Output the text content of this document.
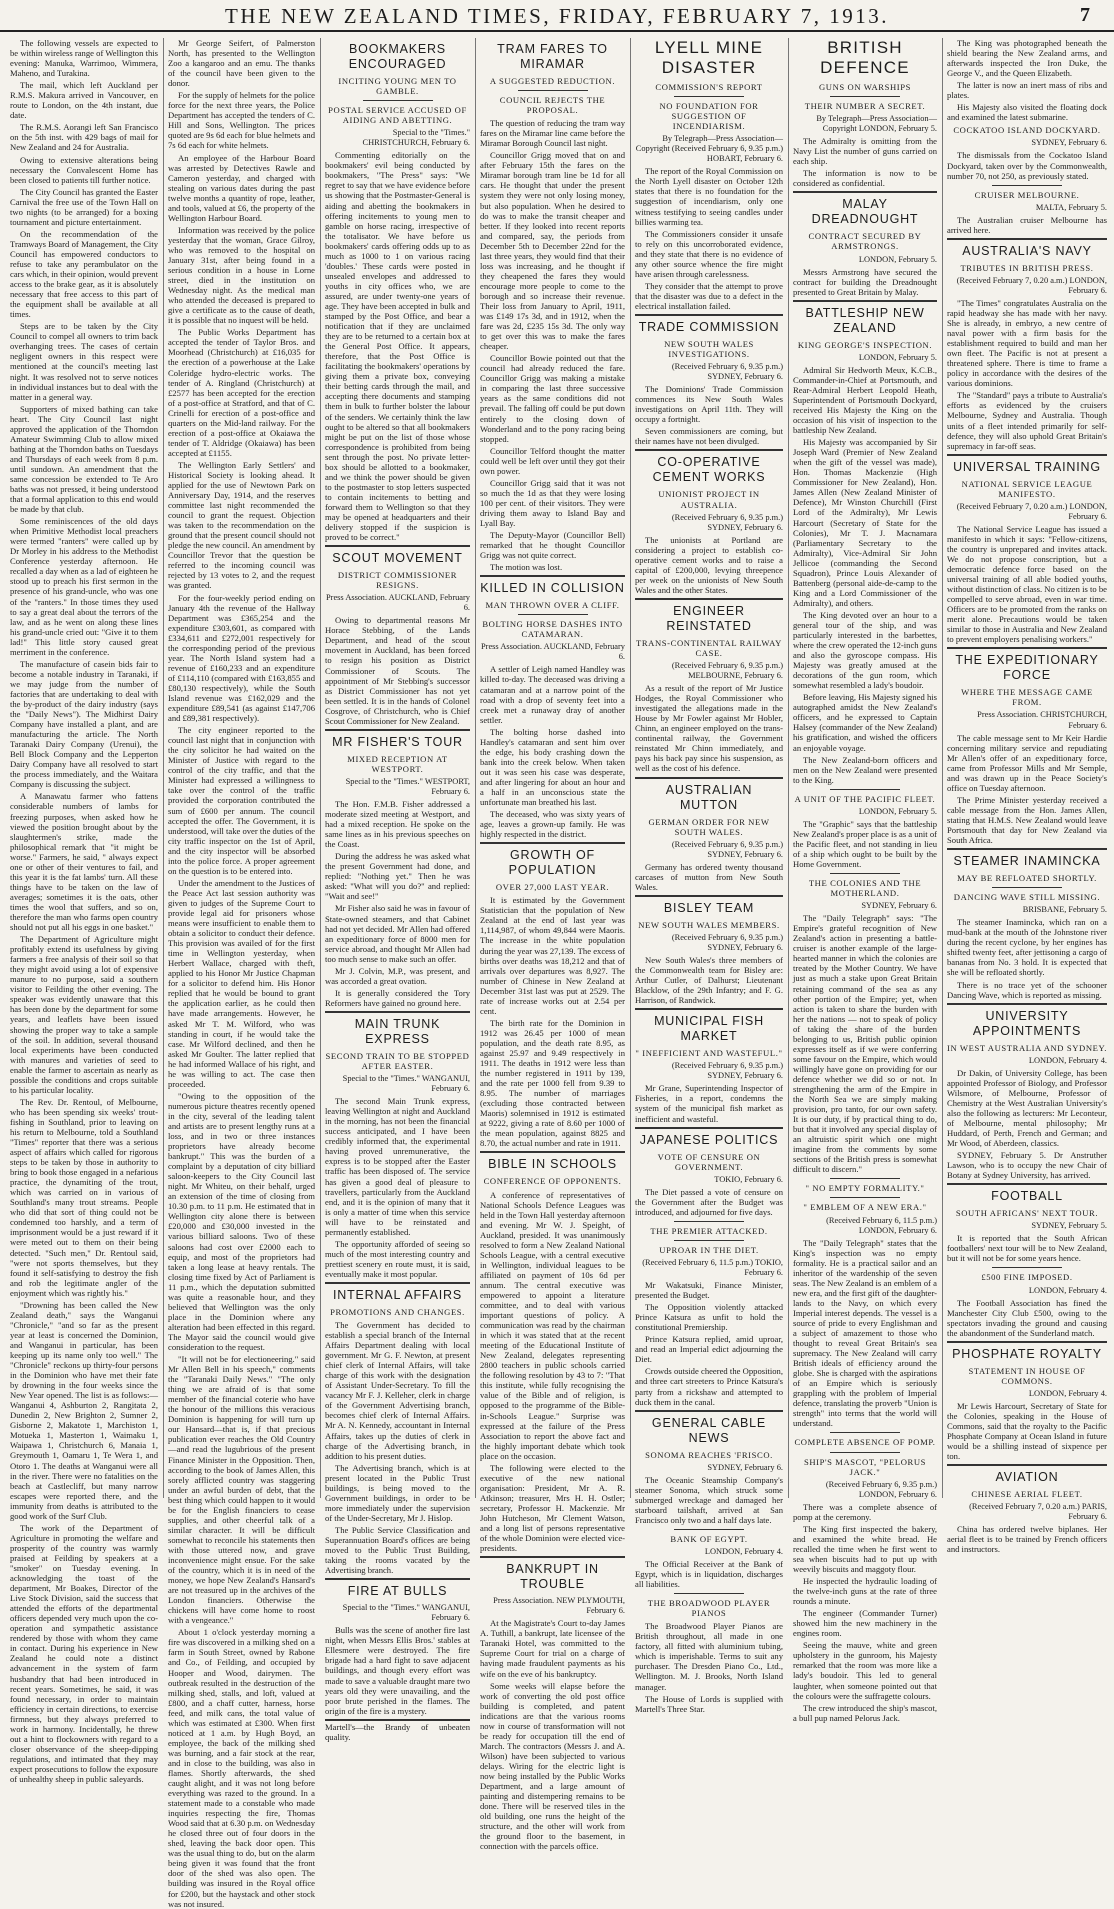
THE NEW ZEALAND TIMES, FRIDAY, FEBRUARY 7, 1913.	7

The following vessels are expected to be within wireless range of Wellington this evening: Manuka, Warrimoo, Wimmera, Maheno, and Turakina.

The mail, which left Auckland per R.M.S. Makura arrived in Vancouver, en route to London, on the 4th instant, due date.

The R.M.S. Aorangi left San Francisco on the 5th inst. with 429 bags of mail for New Zealand and 24 for Australia.

Owing to extensive alterations being necessary the Convalescent Home has been closed to patients till further notice.

The City Council has granted the Easter Carnival the free use of the Town Hall on two nights (to be arranged) for a boxing tournament and picture entertainment.

On the recommendation of the Tramways Board of Management, the City Council has empowered conductors to refuse to take any perambulator on the cars which, in their opinion, would prevent access to the brake gear, as it is absolutely necessary that free access to this part of the equipment shall be available at all times.

Steps are to be taken by the City Council to compel all owners to trim back overhanging trees. The cases of certain negligent owners in this respect were mentioned at the council's meeting last night. It was resolved not to serve notices in individual instances but to deal with the matter in a general way.

Supporters of mixed bathing can take heart. The City Council last night approved the application of the Thorndon Amateur Swimming Club to allow mixed bathing at the Thorndon baths on Tuesdays and Thursdays of each week from 8 p.m. until sundown. An amendment that the same concession be extended to Te Aro baths was not pressed, it being understood that a formal application to this end would be made by that club.

Some reminiscences of the old days when Primitive Methodist local preachers were termed "ranters" were called up by Dr Morley in his address to the Methodist Conference yesterday afternoon. He recalled a day when as a lad of eighteen he stood up to preach his first sermon in the presence of his grand-uncle, who was one of the "ranters." In those times they used to say a great deal about the terrors of the law, and as he went on along these lines his grand-uncle cried out: "Give it to them lad!" This little story caused great merriment in the conference.

The manufacture of casein bids fair to become a notable industry in Taranaki, if we may judge from the number of factories that are undertaking to deal with the by-product of the dairy industry (says the "Daily News"). The Midhirst Dairy Company have installed a plant, and are manufacturing the article. The North Taranaki Dairy Company (Urenui), the Bell Block Company and the Lepperton Dairy Company have all resolved to start the process immediately, and the Waitara Company is discussing the subject.

A Manawatu farmer who fattens considerable numbers of lambs for freezing purposes, when asked how he viewed the position brought about by the slaughtermen's strike, made the philosophical remark that "it might be worse." Farmers, he said, " always expect one or other of their ventures to fail, and this year it is the fat lambs' turn. All these things have to be taken on the law of averages; sometimes it is the oats, other times the wool that suffers, and so on, therefore the man who farms open country should not put all his eggs in one basket."

The Department of Agriculture might profitably extend its usefulness by giving farmers a free analysis of their soil so that they might avoid using a lot of expensive manure to no purpose, said a southern visitor to Feilding the other evening. The speaker was evidently unaware that this has been done by the department for some years, and leaflets have been issued showing the proper way to take a sample of the soil. In addition, several thousand local experiments have been conducted with manures and varieties of seed to enable the farmer to ascertain as nearly as possible the conditions and crops suitable to his particular locality.

The Rev. Dr. Rentoul, of Melbourne, who has been spending six weeks' trout-fishing in Southland, prior to leaving on his return to Melbourne, told a Southland "Times" reporter that there was a serious aspect of affairs which called for rigorous steps to be taken by those in authority to bring to book those engaged in a nefarious practice, the dynamiting of the trout, which was carried on in various of Southland's many trout streams. People who did that sort of thing could not be condemned too harshly, and a term of imprisonment would be a just reward if it were meted out to them on their being detected. "Such men," Dr. Rentoul said, "were not sports themselves, but they found it self-satisfying to destroy the fish and rob the legitimate angler of the enjoyment which was rightly his."

"Drowning has been called the New Zealand death," says the Wanganui "Chronicle," "and so far as the present year at least is concerned the Dominion, and Wanganui in particular, has been keeping up its name only too well." The "Chronicle" reckons up thirty-four persons in the Dominion who have met their fate by drowning in the four weeks since the New Year opened. The list is as follows:—Wanganui 4, Ashburton 2, Rangitata 2, Dunedin 2, New Brighton 2, Sumner 2, Gisborne 2, Makatote 1, Marchiston 1, Motueka 1, Masterton 1, Waimaku 1, Waipawa 1, Christchurch 6, Manaia 1, Greymouth 1, Oamaru 1, Te Wera 1, and Otoro 1. The deaths at Wanganui were all in the river. There were no fatalities on the beach at Castlecliff, but many narrow escapes were reported there, and the immunity from deaths is attributed to the good work of the Surf Club.

The work of the Department of Agriculture in promoting the welfare and prosperity of the country was warmly praised at Feilding by speakers at a "smoker" on Tuesday evening. In acknowledging the toast of the department, Mr Boakes, Director of the Live Stock Division, said the success that attended the efforts of the departmental officers depended very much upon the co-operation and sympathetic assistance rendered by those with whom they came in contact. During his experience in New Zealand he could note a distinct advancement in the system of farm husbandry that had been introduced in recent years. Sometimes, he said, it was found necessary, in order to maintain efficiency in certain directions, to exercise firmness, but they always preferred to work in harmony. Incidentally, he threw out a hint to flockowners with regard to a closer observance of the sheep-dipping regulations, and intimated that they may expect prosecutions to follow the exposure of unhealthy sheep in public saleyards.

Mr George Seifert, of Palmerston North, has presented to the Wellington Zoo a kangaroo and an emu. The thanks of the council have been given to the donor.

For the supply of helmets for the police force for the next three years, the Police Department has accepted the tenders of C. Hill and Sons, Wellington. The prices quoted are 9s 6d each for blue helmets and 7s 6d each for white helmets.

An employee of the Harbour Board was arrested by Detectives Rawle and Cameron yesterday, and charged with stealing on various dates during the past twelve months a quantity of rope, leather, and tools, valued at £6, the property of the Wellington Harbour Board.

Information was received by the police yesterday that the woman, Grace Gilroy, who was removed to the hospital on January 31st, after being found in a serious condition in a house in Lorne street, died in the institution on Wednesday night. As the medical man who attended the deceased is prepared to give a certificate as to the cause of death, it is possible that no inquest will be held.

The Public Works Department has accepted the tender of Taylor Bros. and Moorhead (Christchurch) at £16,035 for the erection of a powerhouse at the Lake Coleridge hydro-electric works. The tender of A. Ringland (Christchurch) at £2577 has been accepted for the erection of a post-office at Stratford, and that of C. Crinelli for erection of a post-office and quarters on the Mid-land railway. For the erection of a post-office at Okaiawa the tender of T. Aldridge (Okaiawa) has been accepted at £1155.

The Wellington Early Settlers' and Historical Society is looking ahead. It applied for the use of Newtown Park on Anniversary Day, 1914, and the reserves committee last night recommended the council to grant the request. Objection was taken to the recommendation on the ground that the present council should not pledge the new council. An amendment by Councillor Trevor that the question be referred to the incoming council was rejected by 13 votes to 2, and the request was granted.

For the four-weekly period ending on January 4th the revenue of the Hallway Department was £365,254 and the expenditure £303,601, as compared with £334,611 and £272,001 respectively for the corresponding period of the previous year. The North Island system had a revenue of £160,233 and an expenditure of £114,110 (compared with £163,855 and £80,130 respectively), while the South Island revenue was £162,029 and the expenditure £89,541 (as against £147,706 and £89,381 respectively).

The city engineer reported to the council last night that in conjunction with the city solicitor he had waited on the Minister of Justice with regard to the control of the city traffic, and that the Minister had expressed a willingness to take over the control of the traffic provided the corporation contributed the sum of £600 per annum. The council accepted the offer. The Government, it is understood, will take over the duties of the city traffic inspector on the 1st of April, and the city inspector will be absorbed into the police force. A proper agreement on the question is to be entered into.

Under the amendment to the Justices of the Peace Act last session authority was given to judges of the Supreme Court to provide legal aid for prisoners whose means were insufficient to enable them to obtain a solicitor to conduct their defence. This provision was availed of for the first time in Wellington yesterday, when Herbert Wallace, charged with theft, applied to his Honor Mr Justice Chapman for a solicitor to defend him. His Honor replied that he would be bound to grant the application earlier, as he could then have made arrangements. However, he asked Mr T. M. Wilford, who was standing in court, if he would take the case. Mr Wilford declined, and then he asked Mr Goulter. The latter replied that he had informed Wallace of his right, and he was willing to act. The case then proceeded.

"Owing to the opposition of the numerous picture theatres recently opened in the city, several of the leading talent and artists are to present lengthy runs at a loss, and in two or three instances proprietors have already become bankrupt." This was the burden of a complaint by a deputation of city billiard saloon-keepers to the City Council last night. Mr Whiteu, on their behalf, urged an extension of the time of closing from 10.30 p.m. to 11 p.m. He estimated that in Wellington city alone there is between £20,000 and £30,000 invested in the various billiard saloons. Two of these saloons had cost over £2000 each to equip, and most of the proprietors had taken a long lease at heavy rentals. The closing time fixed by Act of Parliament is 11 p.m., which the deputation submitted was quite a reasonable hour, and they believed that Wellington was the only place in the Dominion where any alteration had been effected in this regard. The Mayor said the council would give consideration to the request.

"It will not be for electioneering." said Mr Allen Bell in his speech," comments the "Taranaki Daily News." "The only thing we are afraid of is that some member of the financial coterie who have the honour of the millions this veracious Dominion is happening for will turn up our Hansard—that is, if that precious publication ever reaches the Old Country—and read the lugubrious of the present Finance Minister in the Opposition. Then, according to the book of James Allen, this sorely afflicted country was staggering under an awful burden of debt, that the best thing which could happen to it would be for the English financiers to cease supplies, and other cheerful talk of a similar character. It will be difficult somewhat to reconcile his statements then with those uttered now, and grave inconvenience might ensue. For the sake of the country, which it is in need of the money, we hope New Zealand's Hansard's are not treasured up in the archives of the London financiers. Otherwise the chickens will have come home to roost with a vengeance."

About 1 o'clock yesterday morning a fire was discovered in a milking shed on a farm in South Street, owned by Rabone and Co., of Feilding, and occupied by Hooper and Wood, dairymen. The outbreak resulted in the destruction of the milking shed, stalls, and loft, valued at £800, and a chaff cutter, harness, horse feed, and milk cans, the total value of which was estimated at £300. When first noticed at 1 a.m. by Hugh Boyd, an employee, the back of the milking shed was burning, and a fair stock at the rear, and in close to the building, was also in flames. Shortly afterwards, the shed caught alight, and it was not long before everything was razed to the ground. In a statement made to a constable who made inquiries respecting the fire, Thomas Wood said that at 6.30 p.m. on Wednesday he closed three out of four doors in the shed, leaving the back door open. This was the usual thing to do, but on the alarm being given it was found that the front door of the shed was also open. The building was insured in the Royal office for £200, but the haystack and other stock was not insured.

BOOKMAKERS ENCOURAGED
INCITING YOUNG MEN TO GAMBLE.
POSTAL SERVICE ACCUSED OF AIDING AND ABETTING.
Special to the "Times." CHRISTCHURCH, February 6.

Commenting editorially on the bookmakers' evil being conducted by bookmakers, "The Press" says: "We regret to say that we have evidence before us showing that the Postmaster-General is aiding and abetting the bookmakers in offering incitements to young men to gamble on horse racing, irrespective of the totalisator. We have before us bookmakers' cards offering odds up to as much as 1000 to 1 on various racing 'doubles.' These cards were posted in unsealed envelopes and addressed to youths in city offices who, we are assured, are under twenty-one years of age. They have been accepted in bulk and stamped by the Post Office, and bear a notification that if they are unclaimed they are to be returned to a certain box at the General Post Office. It appears, therefore, that the Post Office is facilitating the bookmakers' operations by giving them a private box, conveying their betting cards through the mail, and accepting there documents and stamping them in bulk to further bolster the labour of the senders. We certainly think the law ought to be altered so that all bookmakers might be put on the list of those whose correspondence is prohibited from being sent through the post. No private letter-box should be allotted to a bookmaker, and we think the power should be given to the postmaster to stop letters suspected to contain incitements to betting and forward them to Wellington so that they may be opened at headquarters and their delivery stopped if the suspicion is proved to be correct."

SCOUT MOVEMENT
DISTRICT COMMISSIONER RESIGNS.
Press Association. AUCKLAND, February 6.

Owing to departmental reasons Mr Horace Stebbing, of the Lands Department, and head of the scout movement in Auckland, has been forced to resign his position as District Commissioner of Scouts. The appointment of Mr Stebbing's successor as District Commissioner has not yet been settled. It is in the hands of Colonel Cosgrove, of Christchurch, who is Chief Scout Commissioner for New Zealand.

MR FISHER'S TOUR
MIXED RECEPTION AT WESTPORT.
Special to the "Times." WESTPORT, February 6.

The Hon. F.M.B. Fisher addressed a moderate sized meeting at Westport, and had a mixed reception. He spoke on the same lines as in his previous speeches on the Coast.

During the address he was asked what the present Government had done, and replied: "Nothing yet." Then he was asked: "What will you do?" and replied: "Wait and see!"

Mr Fisher also said he was in favour of State-owned steamers, and that Cabinet had not yet decided. Mr Allen had offered an expeditionary force of 8000 men for service abroad, and thought Mr Allen had too much sense to make such an offer.

Mr J. Colvin, M.P., was present, and was accorded a great ovation.

It is generally considered the Tory Reformers have gained no ground here.

MAIN TRUNK EXPRESS
SECOND TRAIN TO BE STOPPED AFTER EASTER.
Special to the "Times." WANGANUI, February 6.

The second Main Trunk express, leaving Wellington at night and Auckland in the morning, has not been the financial success anticipated, and I have been credibly informed that, the experimental having proved unremunerative, the express is to be stopped after the Easter traffic has been disposed of. The service has given a good deal of pleasure to travellers, particularly from the Auckland end, and it is the opinion of many that it is only a matter of time when this service will have to be reinstated and permanently established.

The opportunity afforded of seeing so much of the most interesting country and prettiest scenery en route must, it is said, eventually make it most popular.

INTERNAL AFFAIRS
PROMOTIONS AND CHANGES.

The Government has decided to establish a special branch of the Internal Affairs Department dealing with local government. Mr G. F. Newton, at present chief clerk of Internal Affairs, will take charge of this work with the designation of Assistant Under-Secretary. To fill the vacancy Mr F. J. Kelleher, clerk in charge of the Government Advertising branch, becomes chief clerk of Internal Affairs. Mr A. N. Kennedy, accountant in Internal Affairs, takes up the duties of clerk in charge of the Advertising branch, in addition to his present duties.

The Advertising branch, which is at present located in the Public Trust buildings, is being moved to the Government buildings, in order to be more immediately under the supervision of the Under-Secretary, Mr J. Hislop.

The Public Service Classification and Superannuation Board's offices are being moved to the Public Trust Building, taking the rooms vacated by the Advertising branch.

FIRE AT BULLS
Special to the "Times." WANGANUI, February 6.

Bulls was the scene of another fire last night, when Messrs Ellis Bros.' stables at Ellesmere were destroyed. The fire brigade had a hard fight to save adjacent buildings, and though every effort was made to save a valuable draught mare two years old they were unavailing, and the poor brute perished in the flames. The origin of the fire is a mystery.

Martell's—the Brandy of unbeaten quality.

TRAM FARES TO MIRAMAR
A SUGGESTED REDUCTION.
COUNCIL REJECTS THE PROPOSAL.

The question of reducing the tram way fares on the Miramar line came before the Miramar Borough Council last night.

Councillor Grigg moved that on and after February 15th the fares on the Miramar borough tram line be 1d for all cars. He thought that under the present system they were not only losing money, but also population. When he desired to do was to make the transit cheaper and better. If they looked into recent reports and compared, say, the periods from December 5th to December 22nd for the last three years, they would find that their loss was increasing, and he thought if they cheapened the fares they would encourage more people to come to the borough and so increase their revenue. Their loss from January to April, 1911, was £149 17s 3d, and in 1912, when the fare was 2d, £235 15s 3d. The only way to get over this was to make the fares cheaper.

Councillor Bowie pointed out that the council had already reduced the fare. Councillor Grigg was making a mistake in comparing the last three successive years as the same conditions did not prevail. The falling off could be put down entirely to the closing down of Wonderland and to the pony racing being stopped.

Councillor Telford thought the matter could well be left over until they got their own power.

Councillor Grigg said that it was not so much the 1d as that they were losing 100 per cent. of their visitors. They were driving them away to Island Bay and Lyall Bay.

The Deputy-Mayor (Councillor Bell) remarked that he thought Councillor Grigg was not quite correct.

The motion was lost.

KILLED IN COLLISION
MAN THROWN OVER A CLIFF.
BOLTING HORSE DASHES INTO CATAMARAN.
Press Association. AUCKLAND, February 6.

A settler of Leigh named Handley was killed to-day. The deceased was driving a catamaran and at a narrow point of the road with a drop of seventy feet into a creek met a runaway dray of another settler.

The bolting horse dashed into Handley's catamaran and sent him over the edge, his body crashing down the bank into the creek below. When taken out it was seen his case was desperate, and after lingering for about an hour and a half in an unconscious state the unfortunate man breathed his last.

The deceased, who was sixty years of age, leaves a grown-up family. He was highly respected in the district.

GROWTH OF POPULATION
OVER 27,000 LAST YEAR.

It is estimated by the Government Statistician that the population of New Zealand at the end of last year was 1,114,987, of whom 49,844 were Maoris. The increase in the white population during the year was 27,139. The excess of births over deaths was 18,212 and that of arrivals over departures was 8,927. The number of Chinese in New Zealand at December 31st last was put at 2529. The rate of increase works out at 2.54 per cent.

The birth rate for the Dominion in 1912 was 26.45 per 1000 of mean population, and the death rate 8.95, as against 25.97 and 9.49 respectively in 1911. The deaths in 1912 were less than the number registered in 1911 by 139, and the rate per 1000 fell from 9.39 to 8.95. The number of marriages (excluding those contracted between Maoris) solemnised in 1912 is estimated at 9222, giving a rate of 8.60 per 1000 of the mean population, against 8825 and 8.70, the actual number and rate in 1911.

BIBLE IN SCHOOLS
CONFERENCE OF OPPONENTS.

A conference of representatives of National Schools Defence Leagues was held in the Town Hall yesterday afternoon and evening. Mr W. J. Speight, of Auckland, presided. It was unanimously resolved to form a New Zealand National Schools League, with a central executive in Wellington, individual leagues to be affiliated on payment of 10s 6d per annum. The central executive was empowered to appoint a literature committee, and to deal with various important questions of policy. A communication was read by the chairman in which it was stated that at the recent meeting of the Educational Institute of New Zealand, delegates representing 2800 teachers in public schools carried the following resolution by 43 to 7: "That this institute, while fully recognising the value of the Bible and of religion, is opposed to the programme of the Bible-in-Schools League." Surprise was expressed at the failure of the Press Association to report the above fact and the highly important debate which took place on the occasion.

The following were elected to the executive of the new national organisation: President, Mr A. R. Atkinson; treasurer, Mrs H. H. Ostler; secretary, Professor H. Mackenzie. Mr John Hutcheson, Mr Clement Watson, and a long list of persons representative of the whole Dominion were elected vice-presidents.

BANKRUPT IN TROUBLE
Press Association. NEW PLYMOUTH, February 6.

At the Magistrate's Court to-day James A. Tuthill, a bankrupt, late licensee of the Taranaki Hotel, was committed to the Supreme Court for trial on a charge of having made fraudulent payments as his wife on the eve of his bankruptcy.

Some weeks will elapse before the work of converting the old post office building is completed, and patent indications are that the various rooms now in course of transformation will not be ready for occupation till the end of March. The contractors (Messrs J. and A. Wilson) have been subjected to various delays. Wiring for the electric light is now being installed by the Public Works Department, and a large amount of painting and distempering remains to be done. There will be reserved tiles in the old building, one runs the height of the structure, and the other will work from the ground floor to the basement, in connection with the parcels office.

LYELL MINE DISASTER
COMMISSION'S REPORT
NO FOUNDATION FOR SUGGESTION OF INCENDIARISM.
By Telegraph—Press Association—Copyright (Received February 6, 9.35 p.m.) HOBART, February 6.

The report of the Royal Commission on the North Lyell disaster on October 12th states that there is no foundation for the suggestion of incendiarism, only one witness testifying to seeing candles under billies warming tea.

The Commissioners consider it unsafe to rely on this uncorroborated evidence, and they state that there is no evidence of any other source whence the fire might have arisen through carelessness.

They consider that the attempt to prove that the disaster was due to a defect in the electrical installation failed.

TRADE COMMISSION
NEW SOUTH WALES INVESTIGATIONS.
(Received February 6, 9.35 p.m.) SYDNEY, February 6.

The Dominions' Trade Commission commences its New South Wales investigations on April 11th. They will occupy a fortnight.

Seven commissioners are coming, but their names have not been divulged.

CO-OPERATIVE CEMENT WORKS
UNIONIST PROJECT IN AUSTRALIA.
(Received February 6, 9.35 p.m.) SYDNEY, February 6.

The unionists at Portland are considering a project to establish co-operative cement works and to raise a capital of £200,000, levying threepence per week on the unionists of New South Wales and the other States.

ENGINEER REINSTATED
TRANS-CONTINENTAL RAILWAY CASE.
(Received February 6, 9.35 p.m.) MELBOURNE, February 6.

As a result of the report of Mr Justice Hodges, the Royal Commissioner who investigated the allegations made in the House by Mr Fowler against Mr Hobler, Chinn, an engineer employed on the trans-continental railway, the Government reinstated Mr Chinn immediately, and pays his back pay since his suspension, as well as the cost of his defence.

AUSTRALIAN MUTTON
GERMAN ORDER FOR NEW SOUTH WALES.
(Received February 6, 9.35 p.m.) SYDNEY, February 6.

Germany has ordered twenty thousand carcases of mutton from New South Wales.

BISLEY TEAM
NEW SOUTH WALES MEMBERS.
(Received February 6, 9.35 p.m.) SYDNEY, February 6.

New South Wales's three members of the Commonwealth team for Bisley are: Arthur Cutler, of Dalhurst; Lieutenant Blacklow, of the 29th Infantry; and F. G. Harrison, of Randwick.

MUNICIPAL FISH MARKET
" INEFFICIENT AND WASTEFUL."
(Received February 6, 9.35 p.m.) SYDNEY, February 6.

Mr Grane, Superintending Inspector of Fisheries, in a report, condemns the system of the municipal fish market as inefficient and wasteful.

JAPANESE POLITICS
VOTE OF CENSURE ON GOVERNMENT.
TOKIO, February 6.

The Diet passed a vote of censure on the Government after the Budget was introduced, and adjourned for five days.

THE PREMIER ATTACKED.
UPROAR IN THE DIET.
(Received February 6, 11.5 p.m.) TOKIO, February 6.

Mr Wakatsuki, Finance Minister, presented the Budget.

The Opposition violently attacked Prince Katsura as unfit to hold the constitutional Premiership.

Prince Katsura replied, amid uproar, and read an Imperial edict adjourning the Diet.

Crowds outside cheered the Opposition, and three cart streeters to Prince Katsura's party from a rickshaw and attempted to duck them in the canal.

GENERAL CABLE NEWS
SONOMA REACHES 'FRISCO.
SYDNEY, February 6.

The Oceanic Steamship Company's steamer Sonoma, which struck some submerged wreckage and damaged her starboard tailshaft, arrived at San Francisco only two and a half days late.

BANK OF EGYPT.
LONDON, February 4.

The Official Receiver at the Bank of Egypt, which is in liquidation, discharges all liabilities.

THE BROADWOOD PLAYER PIANOS

The Broadwood Player Pianos are British throughout, all made in one factory, all fitted with aluminium tubing, which is imperishable. Terms to suit any purchaser. The Dresden Piano Co., Ltd., Wellington. M. J. Brooks, North Island manager.

The House of Lords is supplied with Martell's Three Star.

BRITISH DEFENCE
GUNS ON WARSHIPS
THEIR NUMBER A SECRET.
By Telegraph—Press Association—Copyright LONDON, February 5.

The Admiralty is omitting from the Navy List the number of guns carried on each ship.

The information is now to be considered as confidential.

MALAY DREADNOUGHT
CONTRACT SECURED BY ARMSTRONGS.
LONDON, February 5.

Messrs Armstrong have secured the contract for building the Dreadnought presented to Great Britain by Malay.

BATTLESHIP NEW ZEALAND
KING GEORGE'S INSPECTION.
LONDON, February 5.

Admiral Sir Hedworth Meux, K.C.B., Commander-in-Chief at Portsmouth, and Rear-Admiral Herbert Leopold Heath, Superintendent of Portsmouth Dockyard, received His Majesty the King on the occasion of his visit of inspection to the battleship New Zealand.

His Majesty was accompanied by Sir Joseph Ward (Premier of New Zealand when the gift of the vessel was made), Hon. Thomas Mackenzie (High Commissioner for New Zealand), Hon. James Allen (New Zealand Minister of Defence), Mr Winston Churchill (First Lord of the Admiralty), Mr Lewis Harcourt (Secretary of State for the Colonies), Mr T. J. Macnamara (Parliamentary Secretary to the Admiralty), Vice-Admiral Sir John Jellicoe (commanding the Second Squadron), Prince Louis Alexander of Battenberg (personal aide-de-camp to the King and a Lord Commissioner of the Admiralty), and others.

The King devoted over an hour to a general tour of the ship, and was particularly interested in the barbettes, where the crew operated the 12-inch guns and also the gyroscope compass. His Majesty was greatly amused at the decorations of the gun room, which somewhat resembled a lady's boudoir.

Before leaving, His Majesty signed his autographed amidst the New Zealand's officers, and he expressed to Captain Halsey (commander of the New Zealand) his gratification, and wished the officers an enjoyable voyage.

The New Zealand-born officers and men on the New Zealand were presented to the King.

A UNIT OF THE PACIFIC FLEET.
LONDON, February 5.

The "Graphic" says that the battleship New Zealand's proper place is as a unit of the Pacific fleet, and not standing in lieu of a ship which ought to be built by the Home Government.

THE COLONIES AND THE MOTHERLAND.
SYDNEY, February 6.

The "Daily Telegraph" says: "The Empire's grateful recognition of New Zealand's action in presenting a battle-cruiser is another example of the large-hearted manner in which the colonies are treated by the Mother Country. We have just as much a stake upon Great Britain retaining command of the sea as any other portion of the Empire; yet, when action is taken to share the burden with her the nations — not to speak of policy of taking the share of the burden belonging to us, British public opinion expresses itself as if we were conferring some favour on the Empire, which would willingly have gone on providing for our defence whether we did so or not. In strengthening the arm of the Empire in the North Sea we are simply making provision, pro tanto, for our own safety. It is our duty, if by practical thing to do, but that it involved any special display of an altruistic spirit which one might imagine from the comments by some sections of the British press is somewhat difficult to discern."

" NO EMPTY FORMALITY."
" EMBLEM OF A NEW ERA."
(Received February 6, 11.5 p.m.) LONDON, February 6.

The "Daily Telegraph" states that the King's inspection was no empty formality. He is a practical sailor and an inheritor of the wardenship of the seven seas. The New Zealand is an emblem of a new era, and the first gift of the daughter-lands to the Navy, on which every Imperial interest depends. The vessel is a source of pride to every Englishman and a subject of amazement to those who thought to reveal Great Britain's sea supremacy. The New Zealand will carry British ideals of efficiency around the globe. She is charged with the aspirations of an Empire which is seriously grappling with the problem of Imperial defence, translating the proverb "Union is strength" into terms that the world will understand.

COMPLETE ABSENCE OF POMP.
SHIP'S MASCOT, "PELORUS JACK."
(Received February 6, 9.35 p.m.) LONDON, February 6.

There was a complete absence of pomp at the ceremony.

The King first inspected the bakery, and examined the white bread. He recalled the time when he first went to sea when biscuits had to put up with weevily biscuits and maggoty flour.

He inspected the hydraulic loading of the twelve-inch guns at the rate of three rounds a minute.

The engineer (Commander Turner) showed him the new machinery in the engines room.

Seeing the mauve, white and green upholstery in the gunroom, his Majesty remarked that the room was more like a lady's boudoir. This led to general laughter, when someone pointed out that the colours were the suffragette colours.

The crew introduced the ship's mascot, a bull pup named Pelorus Jack.

The King was photographed beneath the shield bearing the New Zealand arms, and afterwards inspected the Iron Duke, the George V., and the Queen Elizabeth.

The latter is now an inert mass of ribs and plates.

His Majesty also visited the floating dock and examined the latest submarine.

COCKATOO ISLAND DOCKYARD.
SYDNEY, February 6.

The dismissals from the Cockatoo Island Dockyard, taken over by the Commonwealth, number 70, not 250, as previously stated.

CRUISER MELBOURNE.
MALTA, February 5.

The Australian cruiser Melbourne has arrived here.

AUSTRALIA'S NAVY
TRIBUTES IN BRITISH PRESS.
(Received February 7, 0.20 a.m.) LONDON, February 6.

"The Times" congratulates Australia on the rapid headway she has made with her navy. She is already, in embryo, a new centre of naval power with a firm basis for the establishment required to build and man her own fleet. The Pacific is not at present a threatened sphere. There is time to frame a policy in accordance with the desires of the various dominions.

The "Standard" pays a tribute to Australia's efforts as evidenced by the cruisers Melbourne, Sydney and Australia. Though units of a fleet intended primarily for self-defence, they will also uphold Great Britain's supremacy in far-off seas.

UNIVERSAL TRAINING
NATIONAL SERVICE LEAGUE MANIFESTO.
(Received February 7, 0.20 a.m.) LONDON, February 6.

The National Service League has issued a manifesto in which it says: "Fellow-citizens, the country is unprepared and invites attack. We do not propose conscription, but a democratic defence force based on the universal training of all able bodied youths, without distinction of class. No citizen is to be compelled to serve abroad, even in war time. Officers are to be promoted from the ranks on merit alone. Precautions would be taken similar to those in Australia and New Zealand to prevent employers penalising workers."

THE EXPEDITIONARY FORCE
WHERE THE MESSAGE CAME FROM.
Press Association. CHRISTCHURCH, February 6.

The cable message sent to Mr Keir Hardie concerning military service and repudiating Mr Allen's offer of an expeditionary force, came from Professor Mills and Mr Semple, and was drawn up in the Peace Society's office on Tuesday afternoon.

The Prime Minister yesterday received a cable message from the Hon. James Allen, stating that H.M.S. New Zealand would leave Portsmouth that day for New Zealand via South Africa.

STEAMER INAMINCKA
MAY BE REFLOATED SHORTLY.
DANCING WAVE STILL MISSING.
BRISBANE, February 5.

The steamer Inamincka, which ran on a mud-bank at the mouth of the Johnstone river during the recent cyclone, by her engines has shifted twenty feet, after jettisoning a cargo of bananas from No. 3 hold. It is expected that she will be refloated shortly.

There is no trace yet of the schooner Dancing Wave, which is reported as missing.

UNIVERSITY APPOINTMENTS
IN WEST AUSTRALIA AND SYDNEY.
LONDON, February 4.

Dr Dakin, of University College, has been appointed Professor of Biology, and Professor Wilsmore, of Melbourne, Professor of Chemistry at the West Australian University's also the following as lecturers: Mr Leconteur, of Melbourne, mental philosophy; Mr Huddard, of Perth, French and German; and Mr Wood, of Aberdeen, classics.

SYDNEY, February 5. Dr Anstruther Lawson, who is to occupy the new Chair of Botany at Sydney University, has arrived.

FOOTBALL
SOUTH AFRICANS' NEXT TOUR.
SYDNEY, February 5.

It is reported that the South African footballers' next tour will be to New Zealand, but it will not be for some years hence.

£500 FINE IMPOSED.
LONDON, February 4.

The Football Association has fined the Manchester City Club £500, owing to the spectators invading the ground and causing the abandonment of the Sunderland match.

PHOSPHATE ROYALTY
STATEMENT IN HOUSE OF COMMONS.
LONDON, February 4.

Mr Lewis Harcourt, Secretary of State for the Colonies, speaking in the House of Commons, said that the royalty to the Pacific Phosphate Company at Ocean Island in future would be a shilling instead of sixpence per ton.

AVIATION
CHINESE AERIAL FLEET.
(Received February 7, 0.20 a.m.) PARIS, February 6.

China has ordered twelve biplanes. Her aerial fleet is to be trained by French officers and instructors.
